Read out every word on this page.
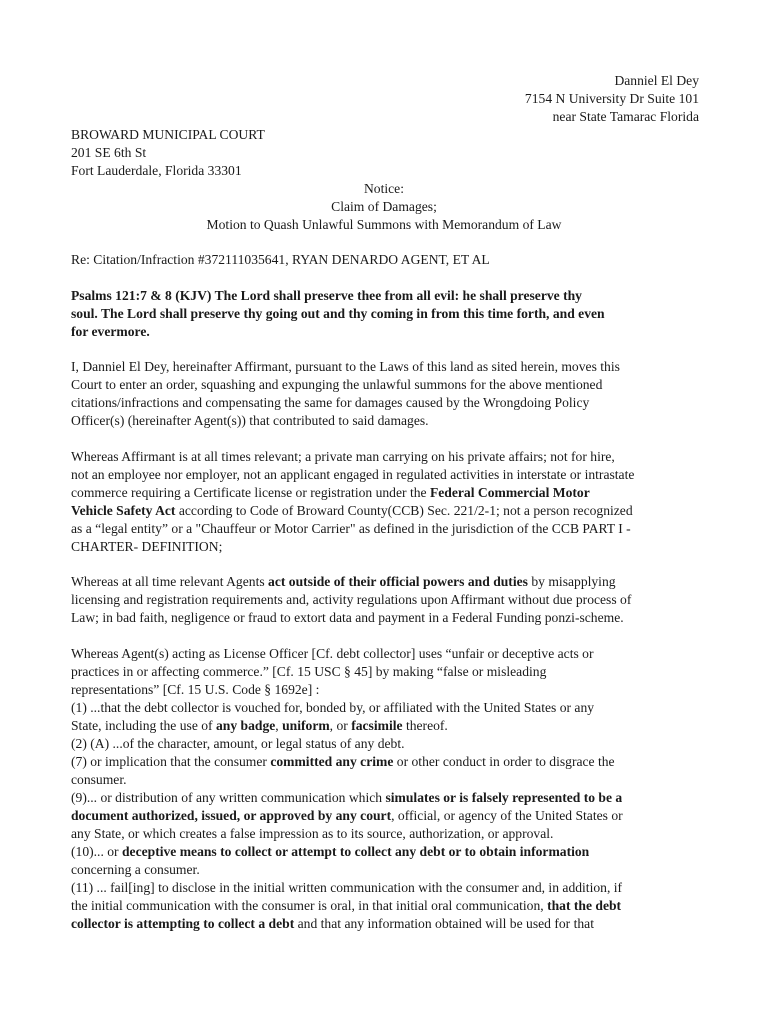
Danniel El Dey
7154 N University Dr Suite 101
near State Tamarac Florida
BROWARD MUNICIPAL COURT
201 SE 6th St
Fort Lauderdale, Florida 33301
Notice:
Claim of Damages;
Motion to Quash Unlawful Summons with Memorandum of Law
Re: Citation/Infraction #372111035641, RYAN DENARDO AGENT, ET AL
Psalms 121:7 & 8 (KJV) The Lord shall preserve thee from all evil: he shall preserve thy
soul. The Lord shall preserve thy going out and thy coming in from this time forth, and even
for evermore.
I, Danniel El Dey, hereinafter Affirmant, pursuant to the Laws of this land as sited herein, moves this
Court to enter an order, squashing and expunging the unlawful summons for the above mentioned
citations/infractions and compensating the same for damages caused by the Wrongdoing Policy
Officer(s) (hereinafter Agent(s)) that contributed to said damages.
Whereas Affirmant is at all times relevant; a private man carrying on his private affairs; not for hire,
not an employee nor employer, not an applicant engaged in regulated activities in interstate or intrastate
commerce requiring a Certificate license or registration under the Federal Commercial Motor
Vehicle Safety Act according to Code of Broward County(CCB) Sec. 221/2-1; not a person recognized
as a “legal entity” or a "Chauffeur or Motor Carrier" as defined in the jurisdiction of the CCB PART I -
CHARTER- DEFINITION;
Whereas at all time relevant Agents act outside of their official powers and duties by misapplying
licensing and registration requirements and, activity regulations upon Affirmant without due process of
Law; in bad faith, negligence or fraud to extort data and payment in a Federal Funding ponzi-scheme.
Whereas Agent(s) acting as License Officer [Cf. debt collector] uses “unfair or deceptive acts or
practices in or affecting commerce.” [Cf. 15 USC § 45] by making “false or misleading
representations” [Cf. 15 U.S. Code § 1692e] :
(1) ...that the debt collector is vouched for, bonded by, or affiliated with the United States or any
State, including the use of any badge, uniform, or facsimile thereof.
(2) (A) ...of the character, amount, or legal status of any debt.
(7) or implication that the consumer committed any crime or other conduct in order to disgrace the
consumer.
(9)... or distribution of any written communication which simulates or is falsely represented to be a
document authorized, issued, or approved by any court, official, or agency of the United States or
any State, or which creates a false impression as to its source, authorization, or approval.
(10)... or deceptive means to collect or attempt to collect any debt or to obtain information
concerning a consumer.
(11) ... fail[ing] to disclose in the initial written communication with the consumer and, in addition, if
the initial communication with the consumer is oral, in that initial oral communication, that the debt
collector is attempting to collect a debt and that any information obtained will be used for that
